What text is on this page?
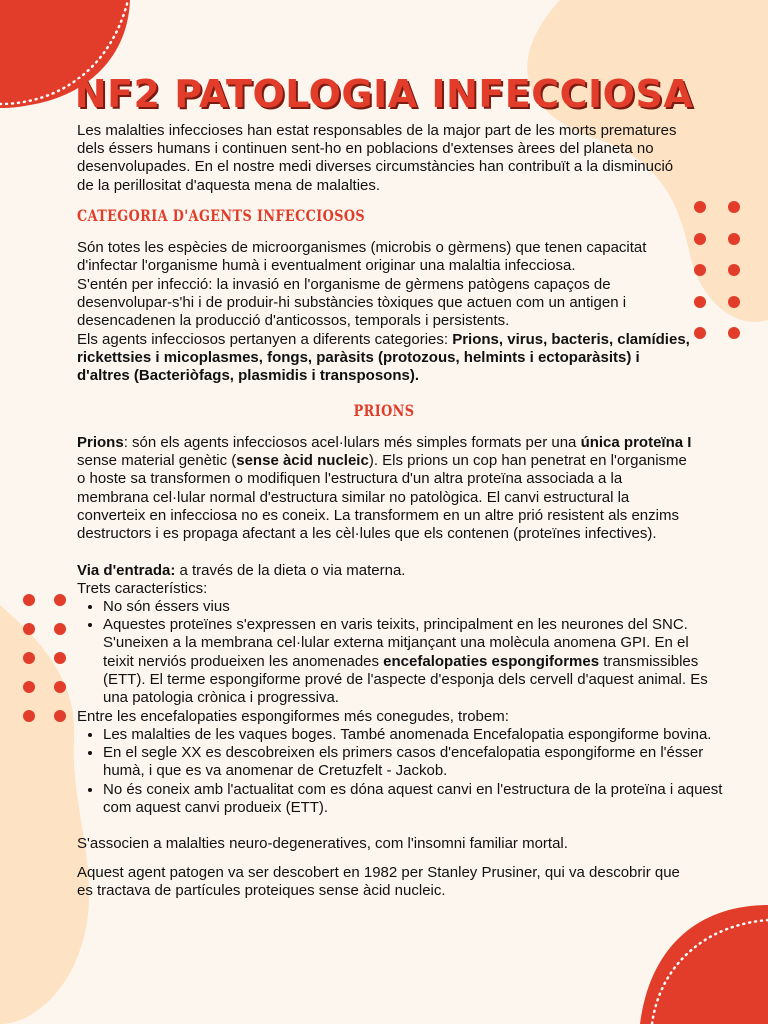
NF2 PATOLOGIA INFECCIOSA

Les malalties infeccioses han estat responsables de la major part de les morts prematures dels éssers humans i continuen sent-ho en poblacions d'extenses àrees del planeta no desenvolupades. En el nostre medi diverses circumstàncies han contribuït a la disminució de la perillositat d'aquesta mena de malalties.

CATEGORIA D'AGENTS INFECCIOSOS

Són totes les espècies de microorganismes (microbis o gèrmens) que tenen capacitat d'infectar l'organisme humà i eventualment originar una malaltia infecciosa.

S'entén per infecció: la invasió en l'organisme de gèrmens patògens capaços de desenvolupar-s'hi i de produir-hi substàncies tòxiques que actuen com un antigen i desencadenen la producció d'anticossos, temporals i persistents.

Els agents infecciosos pertanyen a diferents categories: Prions, virus, bacteris, clamídies, rickettsies i micoplasmes, fongs, paràsits (protozous, helmints i ectoparàsits) i d'altres (Bacteriòfags, plasmidis i transposons).

PRIONS

Prions: són els agents infecciosos acel·lulars més simples formats per una única proteïna I sense material genètic (sense àcid nucleic). Els prions un cop han penetrat en l'organisme o hoste sa transformen o modifiquen l'estructura d'un altra proteïna associada a la membrana cel·lular normal d'estructura similar no patològica. El canvi estructural la converteix en infecciosa no es coneix. La transformem en un altre prió resistent als enzims destructors i es propaga afectant a les cèl·lules que els contenen (proteïnes infectives).

Via d'entrada: a través de la dieta o via materna.

Trets característics:

• No són éssers vius
• Aquestes proteïnes s'expressen en varis teixits, principalment en les neurones del SNC. S'uneixen a la membrana cel·lular externa mitjançant una molècula anomena GPI. En el teixit nerviós produeixen les anomenades encefalopaties espongiformes transmissibles (ETT). El terme espongiforme prové de l'aspecte d'esponja dels cervell d'aquest animal. Es una patologia crònica i progressiva.

Entre les encefalopaties espongiformes més conegudes, trobem:

• Les malalties de les vaques boges. També anomenada Encefalopatia espongiforme bovina.
• En el segle XX es descobreixen els primers casos d'encefalopatia espongiforme en l'ésser humà, i que es va anomenar de Cretuzfelt - Jackob.
• No és coneix amb l'actualitat com es dóna aquest canvi en l'estructura de la proteïna i aquest com aquest canvi produeix (ETT).

S'associen a malalties neuro-degeneratives, com l'insomni familiar mortal.

Aquest agent patogen va ser descobert en 1982 per Stanley Prusiner, qui va descobrir que es tractava de partícules proteiques sense àcid nucleic.
